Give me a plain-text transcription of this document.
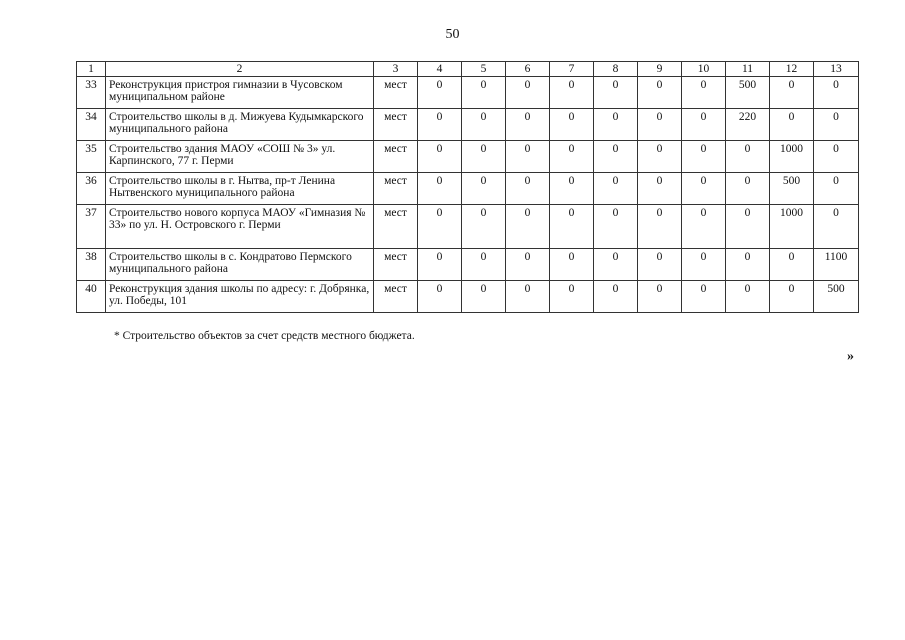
50
1	2	3	4	5	6	7	8	9	10	11	12	13
33	Реконструкция пристроя гимназии в Чусовском муниципальном районе	мест	0	0	0	0	0	0	0	500	0	0
34	Строительство школы в д. Мижуева Кудымкарского муниципального района	мест	0	0	0	0	0	0	0	220	0	0
35	Строительство здания МАОУ «СОШ № 3» ул. Карпинского, 77 г. Перми	мест	0	0	0	0	0	0	0	0	1000	0
36	Строительство школы в г. Нытва, пр-т Ленина Нытвенского муниципального района	мест	0	0	0	0	0	0	0	0	500	0
37	Строительство нового корпуса МАОУ «Гимназия № 33» по ул. Н. Островского г. Перми	мест	0	0	0	0	0	0	0	0	1000	0
38	Строительство школы в с. Кондратово Пермского муниципального района	мест	0	0	0	0	0	0	0	0	0	1100
40	Реконструкция здания школы по адресу: г. Добрянка, ул. Победы, 101	мест	0	0	0	0	0	0	0	0	0	500
* Строительство объектов за счет средств местного бюджета.
»
